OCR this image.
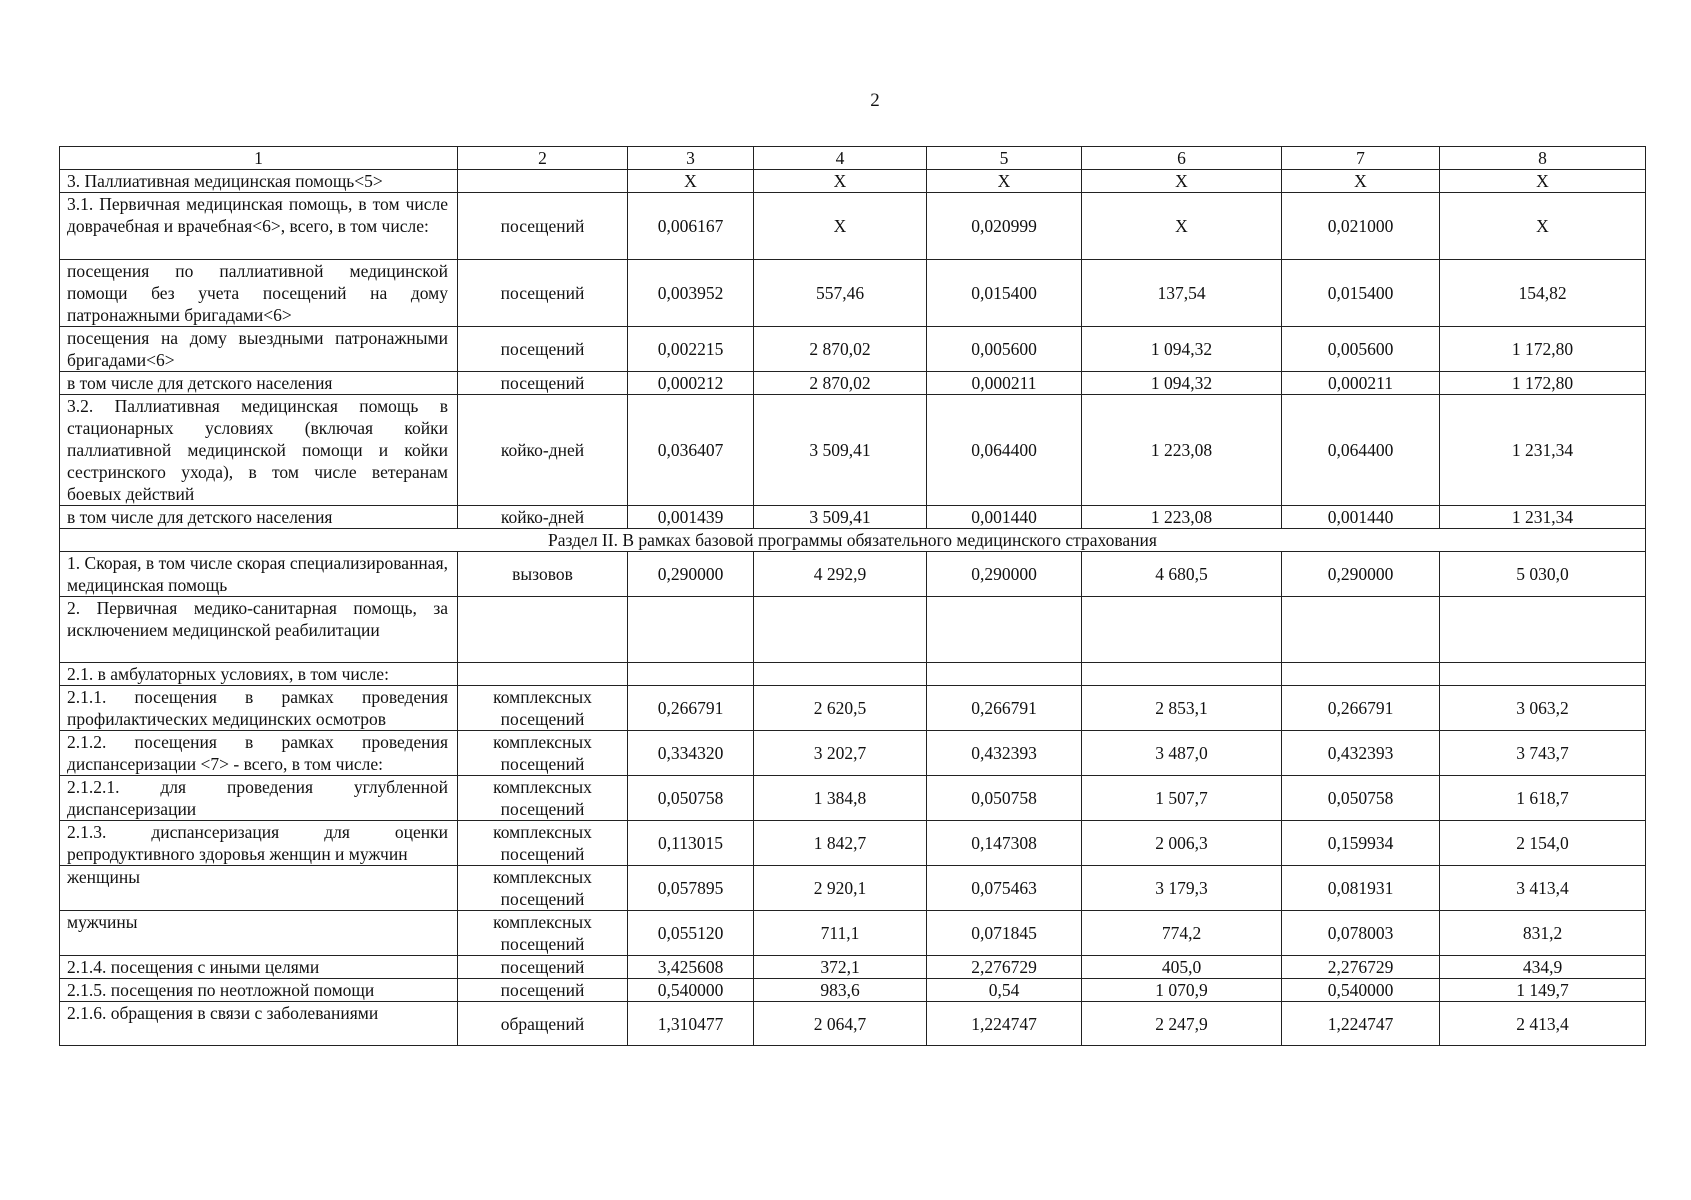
2
1	2	3	4	5	6	7	8
3. Паллиативная медицинская помощь<5>		X	X	X	X	X	X
3.1. Первичная медицинская помощь, в том числе доврачебная и врачебная<6>, всего, в том числе:	посещений	0,006167	X	0,020999	X	0,021000	X
посещения по паллиативной медицинской помощи без учета посещений на дому патронажными бригадами<6>	посещений	0,003952	557,46	0,015400	137,54	0,015400	154,82
посещения на дому выездными патронажными бригадами<6>	посещений	0,002215	2 870,02	0,005600	1 094,32	0,005600	1 172,80
в том числе для детского населения	посещений	0,000212	2 870,02	0,000211	1 094,32	0,000211	1 172,80
3.2. Паллиативная медицинская помощь в стационарных условиях (включая койки паллиативной медицинской помощи и койки сестринского ухода), в том числе ветеранам боевых действий	койко-дней	0,036407	3 509,41	0,064400	1 223,08	0,064400	1 231,34
в том числе для детского населения	койко-дней	0,001439	3 509,41	0,001440	1 223,08	0,001440	1 231,34
Раздел II. В рамках базовой программы обязательного медицинского страхования							
1. Скорая, в том числе скорая специализированная, медицинская помощь	вызовов	0,290000	4 292,9	0,290000	4 680,5	0,290000	5 030,0
2. Первичная медико-санитарная помощь, за исключением медицинской реабилитации							
2.1. в амбулаторных условиях, в том числе:							
2.1.1. посещения в рамках проведения профилактических медицинских осмотров	комплексных посещений	0,266791	2 620,5	0,266791	2 853,1	0,266791	3 063,2
2.1.2. посещения в рамках проведения диспансеризации <7> - всего, в том числе:	комплексных посещений	0,334320	3 202,7	0,432393	3 487,0	0,432393	3 743,7
2.1.2.1. для проведения углубленной диспансеризации	комплексных посещений	0,050758	1 384,8	0,050758	1 507,7	0,050758	1 618,7
2.1.3. диспансеризация для оценки репродуктивного здоровья женщин и мужчин	комплексных посещений	0,113015	1 842,7	0,147308	2 006,3	0,159934	2 154,0
женщины	комплексных посещений	0,057895	2 920,1	0,075463	3 179,3	0,081931	3 413,4
мужчины	комплексных посещений	0,055120	711,1	0,071845	774,2	0,078003	831,2
2.1.4. посещения с иными целями	посещений	3,425608	372,1	2,276729	405,0	2,276729	434,9
2.1.5. посещения по неотложной помощи	посещений	0,540000	983,6	0,54	1 070,9	0,540000	1 149,7
2.1.6. обращения в связи с заболеваниями	обращений	1,310477	2 064,7	1,224747	2 247,9	1,224747	2 413,4
